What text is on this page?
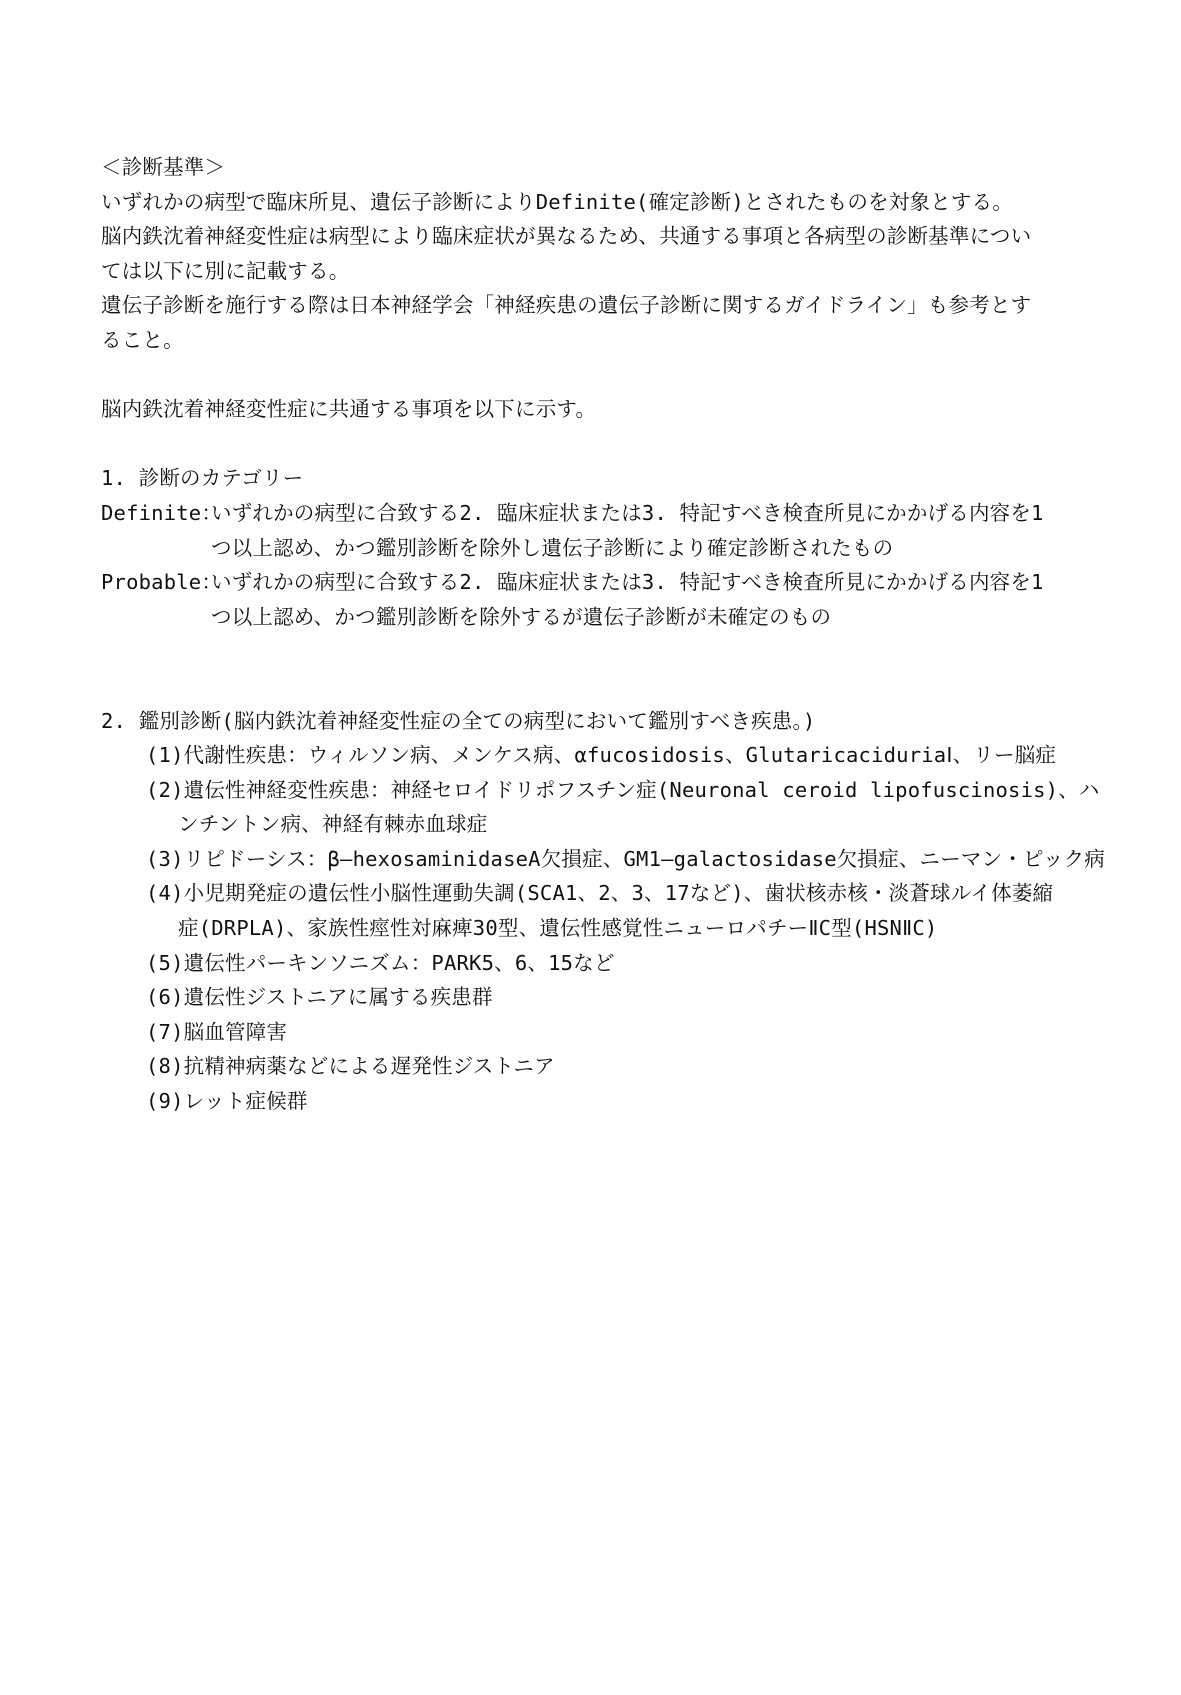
＜診断基準＞
いずれかの病型で臨床所見、遺伝子診断によりDefinite(確定診断)とされたものを対象とする。
脳内鉄沈着神経変性症は病型により臨床症状が異なるため、共通する事項と各病型の診断基準につい
ては以下に別に記載する。
遺伝子診断を施行する際は日本神経学会「神経疾患の遺伝子診断に関するガイドライン」も参考とす
ること。
脳内鉄沈着神経変性症に共通する事項を以下に示す。
1. 診断のカテゴリー
Definite：
いずれかの病型に合致する2. 臨床症状または3. 特記すべき検査所見にかかげる内容を1
つ以上認め、かつ鑑別診断を除外し遺伝子診断により確定診断されたもの
Probable：
いずれかの病型に合致する2. 臨床症状または3. 特記すべき検査所見にかかげる内容を1
つ以上認め、かつ鑑別診断を除外するが遺伝子診断が未確定のもの
2. 鑑別診断(脳内鉄沈着神経変性症の全ての病型において鑑別すべき疾患。)
(1)代謝性疾患：ウィルソン病、メンケス病、αfucosidosis、GlutaricaciduriaⅠ、リー脳症
(2)遺伝性神経変性疾患：神経セロイドリポフスチン症(Neuronal ceroid lipofuscinosis)、ハ
ンチントン病、神経有棘赤血球症
(3)リピドーシス：β—hexosaminidaseA欠損症、GM1—galactosidase欠損症、ニーマン・ピック病
(4)小児期発症の遺伝性小脳性運動失調(SCA1、2、3、17など)、歯状核赤核・淡蒼球ルイ体萎縮
症(DRPLA)、家族性痙性対麻痺30型、遺伝性感覚性ニューロパチーⅡC型(HSNⅡC)
(5)遺伝性パーキンソニズム：PARK5、6、15など
(6)遺伝性ジストニアに属する疾患群
(7)脳血管障害
(8)抗精神病薬などによる遅発性ジストニア
(9)レット症候群
